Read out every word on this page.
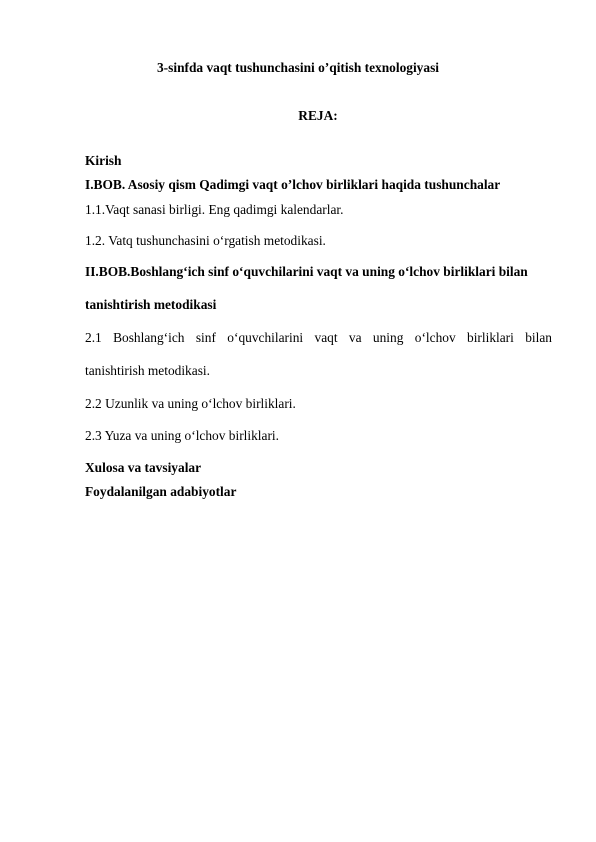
3-sinfda vaqt tushunchasini o’qitish texnologiyasi
REJA:
Kirish
I.BOB. Asosiy qism Qadimgi vaqt o’lchov birliklari haqida tushunchalar
1.1.Vaqt sanasi birligi. Eng qadimgi kalendarlar.
1.2. Vatq tushunchasini o‘rgatish metodikasi.
II.BOB.Boshlang‘ich sinf o‘quvchilarini vaqt va uning o‘lchov birliklari bilan
tanishtirish metodikasi
2.1 Boshlang‘ich sinf o‘quvchilarini vaqt va uning o‘lchov birliklari bilan
tanishtirish metodikasi.
2.2 Uzunlik va uning o‘lchov birliklari.
2.3 Yuza va uning o‘lchov birliklari.
Xulosa va tavsiyalar
Foydalanilgan adabiyotlar
